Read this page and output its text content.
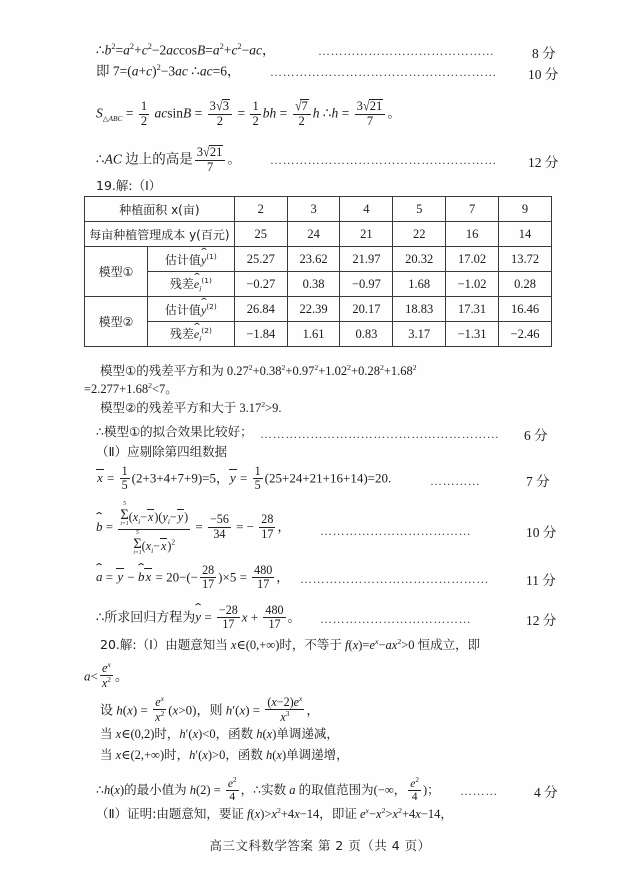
$\therefore b^2=a^2+c^2-2accosB=a^2+c^2-ac$，	……………………………………	8 分
即 $7=(a+c)^2-3ac$ ∴ac=6， ………………………………………………	10 分
$S_{\triangle ABC} = \frac{1}{2}$ $acsinB = \frac{3√3}{2} = \frac{1}{2}$ bh = $\frac{√7}{2}$ h ∴h = $\frac{3√21}{7}$ 。
∴AC 边上的高是 $\frac{3√21}{7}$ 。 ………………………………………………	12 分
19.解:（Ⅰ）
种植面积 x(亩)		2	3	4	5	7	9
每亩种植管理成本 y(百元)		25	24	21	22	16	14
模型①	估计值y ⌃$^{(1)}$	25.27	23.62	21.97	20.32	17.02	13.72
	残差e $⌃_i^{(1)}$	−0.27	0.38	−0.97	1.68	−1.02	0.28
模型②	估计值y ⌃$^{(2)}$	26.84	22.39	20.17	18.83	17.31	16.46
	残差e $⌃_i^{(2)}$	−1.84	1.61	0.83	3.17	−1.31	−2.46
模型①的残差平方和为 $0.27^2+0.38^2+0.97^2+1.02^2+0.28^2+1.68^2$
$=2.277+1.68^2<7$。
模型②的残差平方和大于 $3.17^2>9$.
∴模型①的拟合效果比较好； …………………………………………………	6 分
（Ⅱ）应剔除第四组数据
$x = \frac{1}{5} (2+3+4+7+9)=5$，$y = \frac{1}{5} (25+24+21+16+14)=20$.	…………	7 分
b ⌃ = 5
Σ
i=1
$(x_i-x)(y_i-y)$
5
Σ
i=1
$(x_i-x)^2 = \frac{-56}{34}$ = − $\frac{28}{17}$ ， ………………………………	10 分
a ⌃ = y − b ⌃x = $20-(- \frac{28}{17} )\times 5 = \frac{480}{17}$ ， ………………………………………	11 分
∴所求回归方程为y ⌃ = $\frac{-28}{17}$ $x + \frac{480}{17}$ 。 ………………………………	12 分
20.解:（Ⅰ）由题意知当 x∈(0,+∞)时，不等于 $f(x)=e^x-ax^2>0$ 恒成立，即
$a< \frac{e^x}{x^2}$ 。
设 $h(x) = \frac{e^x}{x^2} (x>0)$，则 $h'(x) = \frac{(x-2)e^x}{x^3}$ ，
当 x∈(0,2)时，h′(x)<0，函数 h(x)单调递减，
当 x∈(2,+∞)时，h′(x)>0，函数 h(x)单调递增，
∴h(x)的最小值为 $h(2) = \frac{e^2}{4}$ ，∴实数 a 的取值范围为(−∞， $\frac{e^2}{4}$ )； ………	4 分
（Ⅱ）证明:由题意知，要证 $f(x)>x^2+4x-14$，即证 $e^x-x^2>x^2+4x-14$，
高三文科数学答案 第 2 页（共 4 页）
